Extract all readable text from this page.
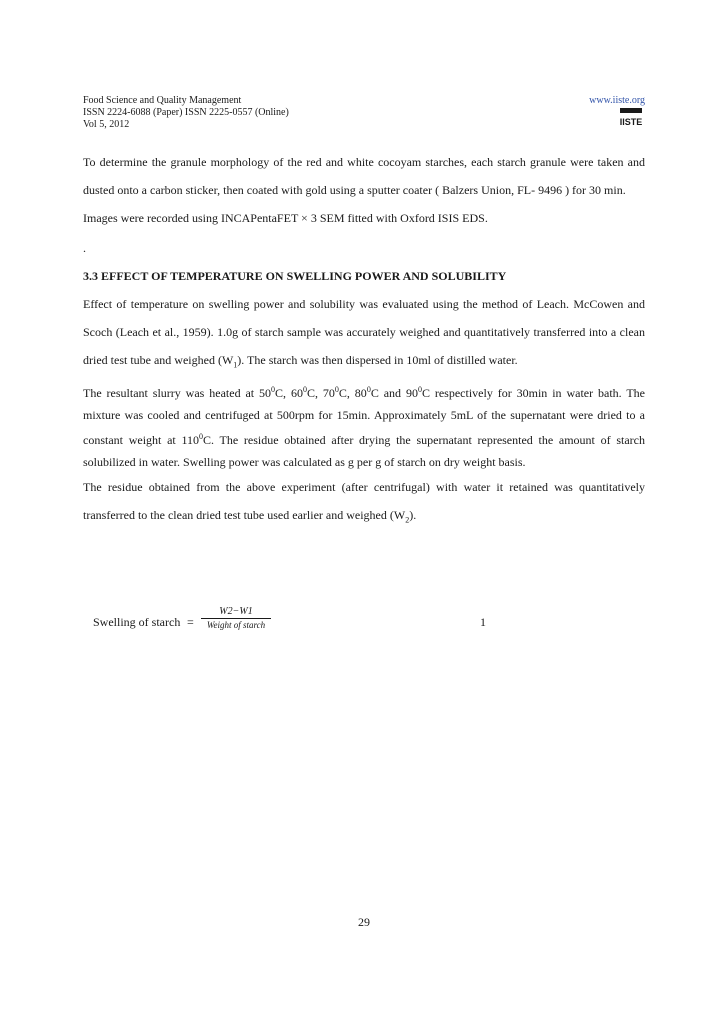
Food Science and Quality Management	www.iiste.org
ISSN 2224-6088 (Paper) ISSN 2225-0557 (Online)
Vol 5, 2012	IISTE

To determine the granule morphology of the red and white cocoyam starches, each starch granule were taken and dusted onto a carbon sticker, then coated with gold using a sputter coater ( Balzers Union, FL- 9496 ) for 30 min.

Images were recorded using INCAPentaFET × 3 SEM fitted with Oxford ISIS EDS.

.

3.3 EFFECT OF TEMPERATURE ON SWELLING POWER AND SOLUBILITY

Effect of temperature on swelling power and solubility was evaluated using the method of Leach. McCowen and Scoch (Leach et al., 1959). 1.0g of starch sample was accurately weighed and quantitatively transferred into a clean dried test tube and weighed $(W_1)$. The starch was then dispersed in 10ml of distilled water.

The resultant slurry was heated at $50^0C$, $60^0C$, $70^0C$, $80^0C$ and $90^0C$ respectively for 30min in water bath. The mixture was cooled and centrifuged at 500rpm for 15min. Approximately 5mL of the supernatant were dried to a constant weight at $110^0C$. The residue obtained after drying the supernatant represented the amount of starch solubilized in water. Swelling power was calculated as g per g of starch on dry weight basis.

The residue obtained from the above experiment (after centrifugal) with water it retained was quantitatively transferred to the clean dried test tube used earlier and weighed $(W_2)$.

Swelling of starch =
W2−W1
Weight of starch	1
29
